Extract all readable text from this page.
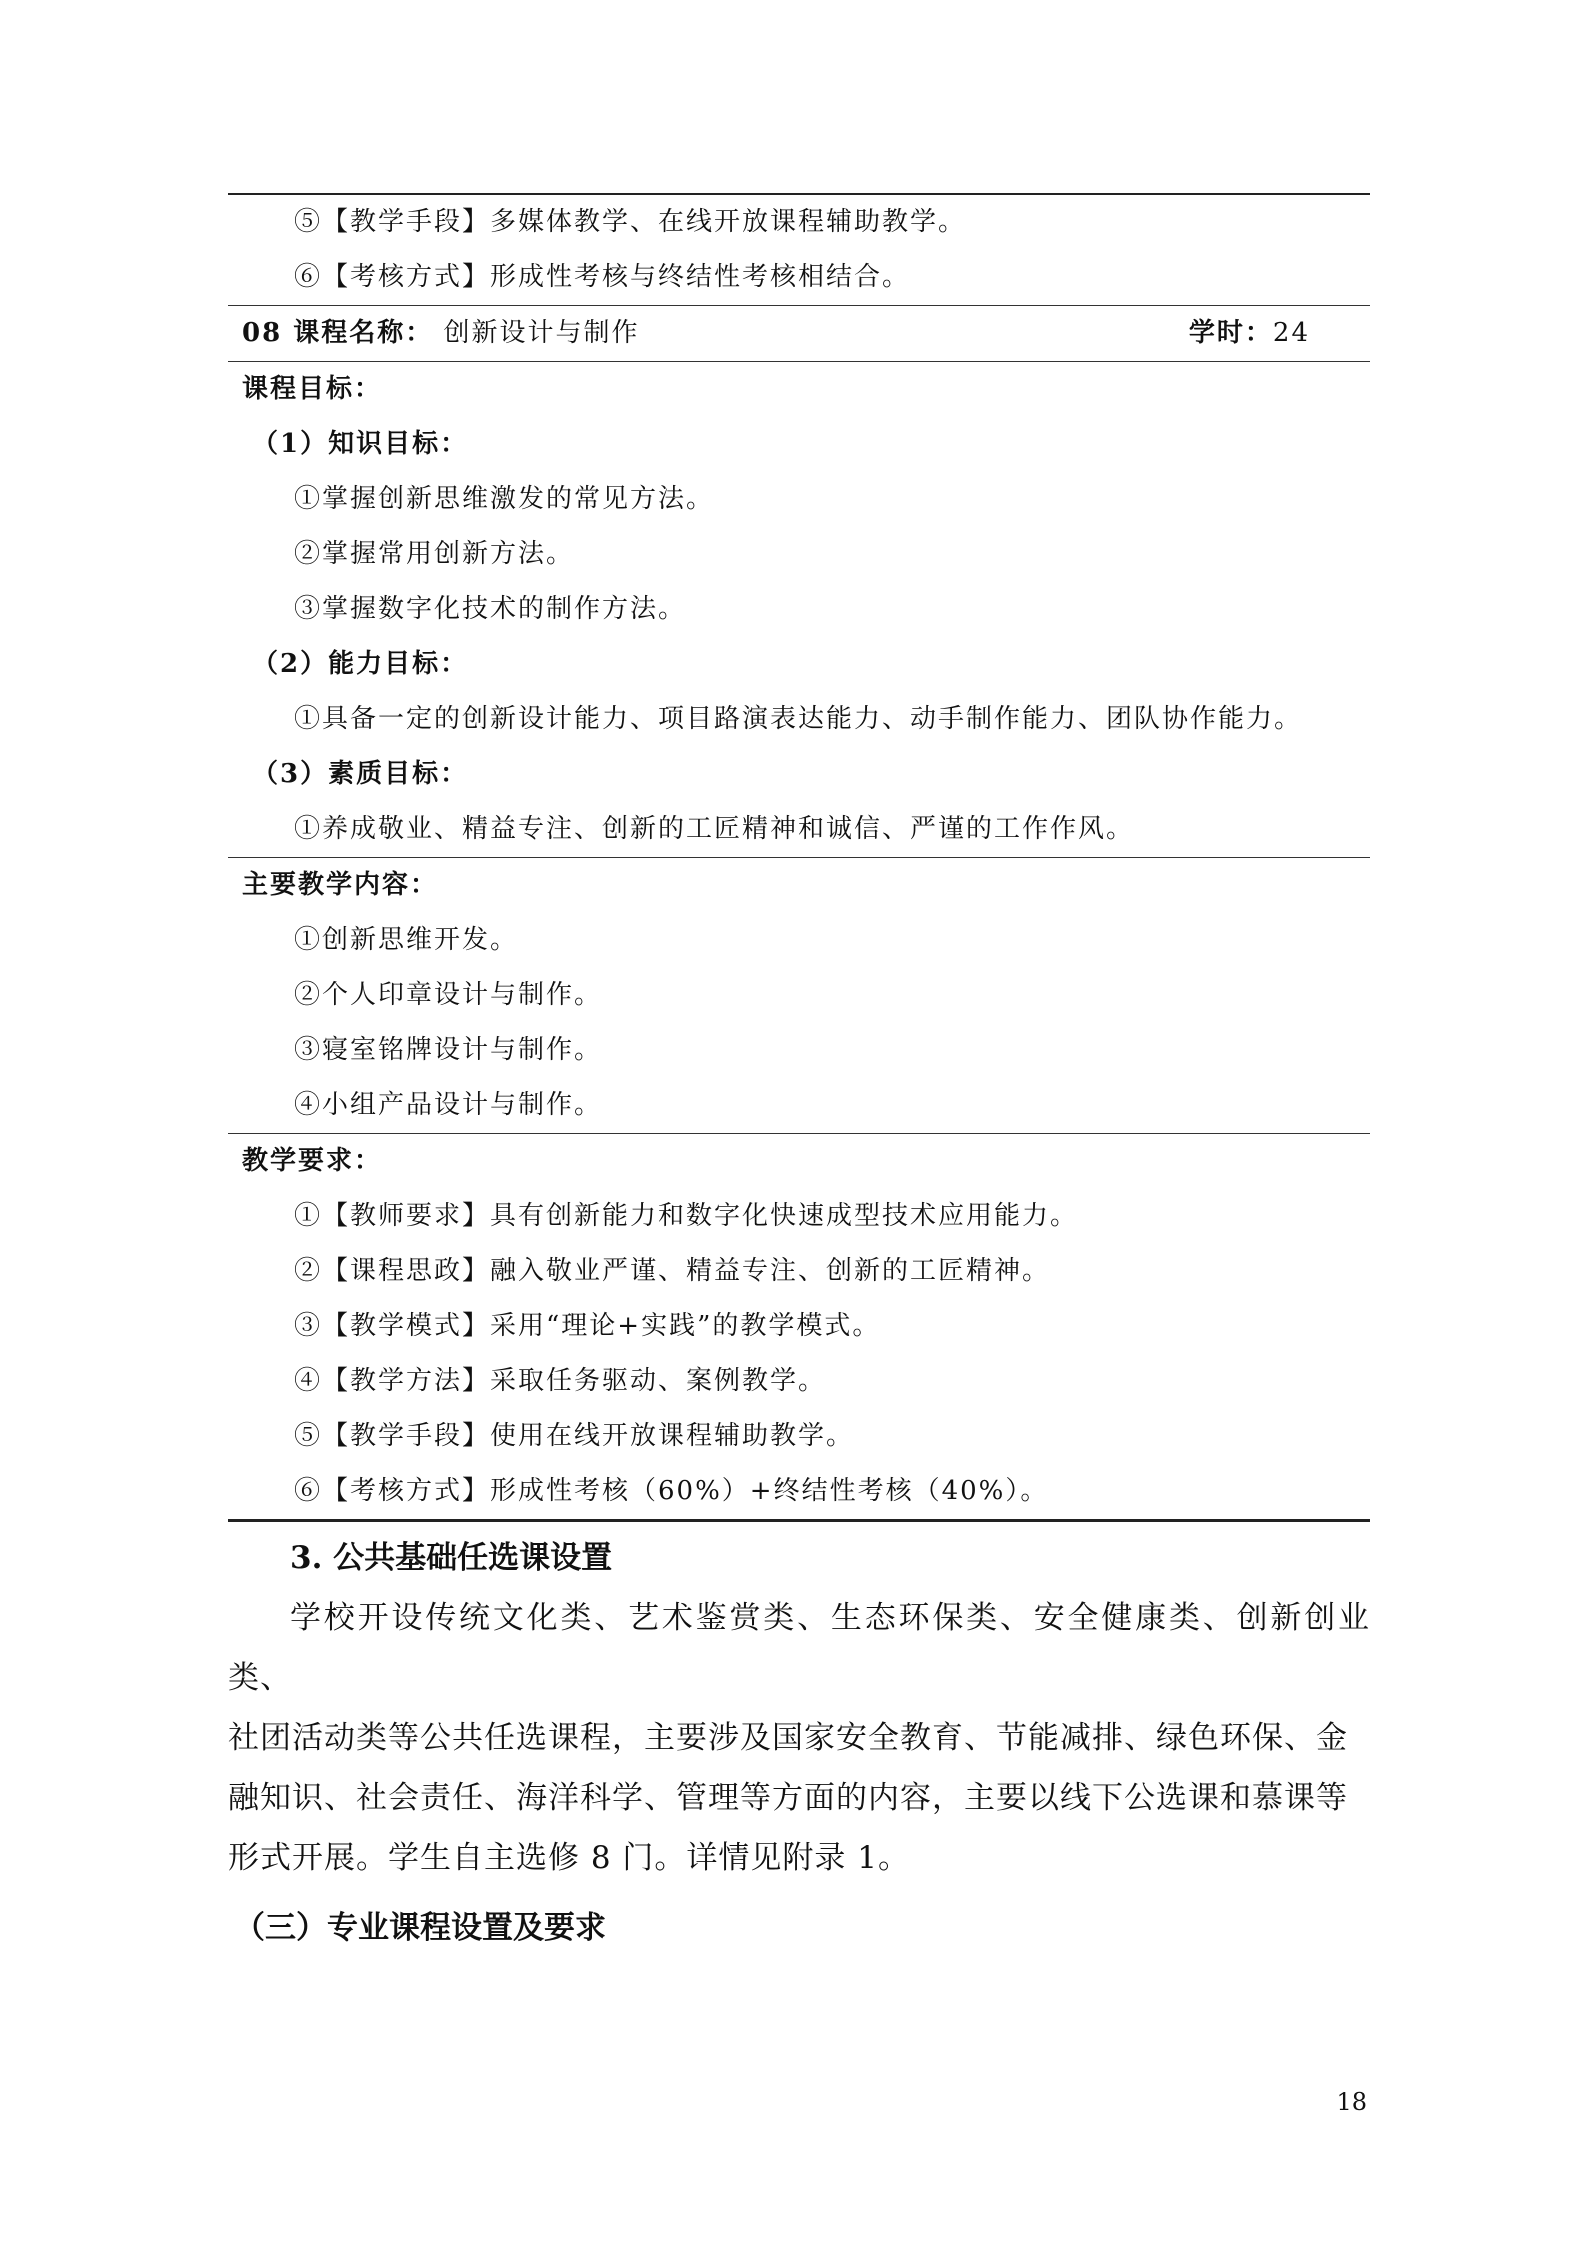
⑤【教学手段】多媒体教学、在线开放课程辅助教学。
⑥【考核方式】形成性考核与终结性考核相结合。
08 课程名称： 创新设计与制作	学时：24
课程目标：
（1）知识目标：
①掌握创新思维激发的常见方法。
②掌握常用创新方法。
③掌握数字化技术的制作方法。
（2）能力目标：
①具备一定的创新设计能力、项目路演表达能力、动手制作能力、团队协作能力。
（3）素质目标：
①养成敬业、精益专注、创新的工匠精神和诚信、严谨的工作作风。
主要教学内容：
①创新思维开发。
②个人印章设计与制作。
③寝室铭牌设计与制作。
④小组产品设计与制作。
教学要求：
①【教师要求】具有创新能力和数字化快速成型技术应用能力。
②【课程思政】融入敬业严谨、精益专注、创新的工匠精神。
③【教学模式】采用“理论+实践”的教学模式。
④【教学方法】采取任务驱动、案例教学。
⑤【教学手段】使用在线开放课程辅助教学。
⑥【考核方式】形成性考核（60%）+终结性考核（40%）。
3. 公共基础任选课设置

学校开设传统文化类、艺术鉴赏类、生态环保类、安全健康类、创新创业类、

社团活动类等公共任选课程，主要涉及国家安全教育、节能减排、绿色环保、金

融知识、社会责任、海洋科学、管理等方面的内容，主要以线下公选课和慕课等

形式开展。学生自主选修 8 门。详情见附录 1。

（三）专业课程设置及要求
18
